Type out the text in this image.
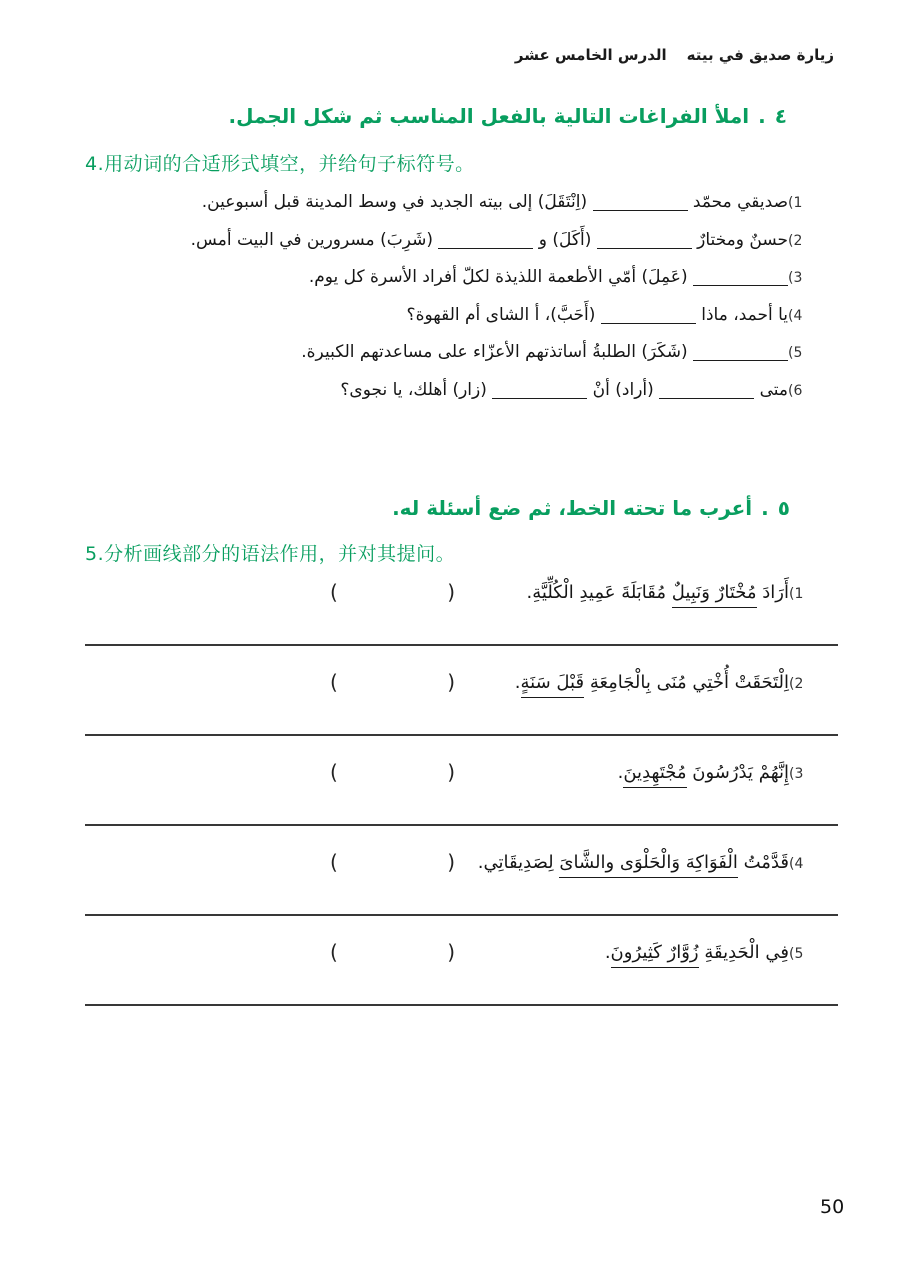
الدرس الخامس عشر زيارة صديق في بيته
٤
.
املأ الفراغات التالية بالفعل المناسب ثم شكل الجمل.
4.用动词的合适形式填空，并给句子标符号。
(1
صديقي محمّد  (اِنْتَقَلَ) إلى بيته الجديد في وسط المدينة قبل أسبوعين.
(2
حسنٌ ومختارٌ  (أَكَلَ) و  (شَرِبَ) مسرورين في البيت أمس.
(3
(عَمِلَ) أمّي الأطعمة اللذيذة لكلّ أفراد الأسرة كل يوم.
(4
يا أحمد، ماذا  (أَحَبَّ)، أ الشاى أم القهوة؟
(5
(شَكَرَ) الطلبةُ أساتذتهم الأعزّاء على مساعدتهم الكبيرة.
(6
متى  (أراد) أنْ  (زار) أهلك، يا نجوى؟
٥
.
أعرب ما تحته الخط، ثم ضع أسئلة له.
5.分析画线部分的语法作用，并对其提问。
(1
أَرَادَ مُخْتَارٌ وَنَبِيلٌ مُقَابَلَةَ عَمِيدِ الْكُلِّيَّةِ.
(	)
(2
اِلْتَحَقَتْ أُخْتِي مُنَى بِالْجَامِعَةِ قَبْلَ سَنَةٍ.
(	)
(3
إِنَّهُمْ يَدْرُسُونَ مُجْتَهِدِينَ.
(	)
(4
قَدَّمْتُ الْفَوَاكِهَ وَالْحَلْوَى والشَّاىَ لِصَدِيقَاتِي.
(	)
(5
فِي الْحَدِيقَةِ زُوَّارٌ كَثِيرُونَ.
(	)
50
